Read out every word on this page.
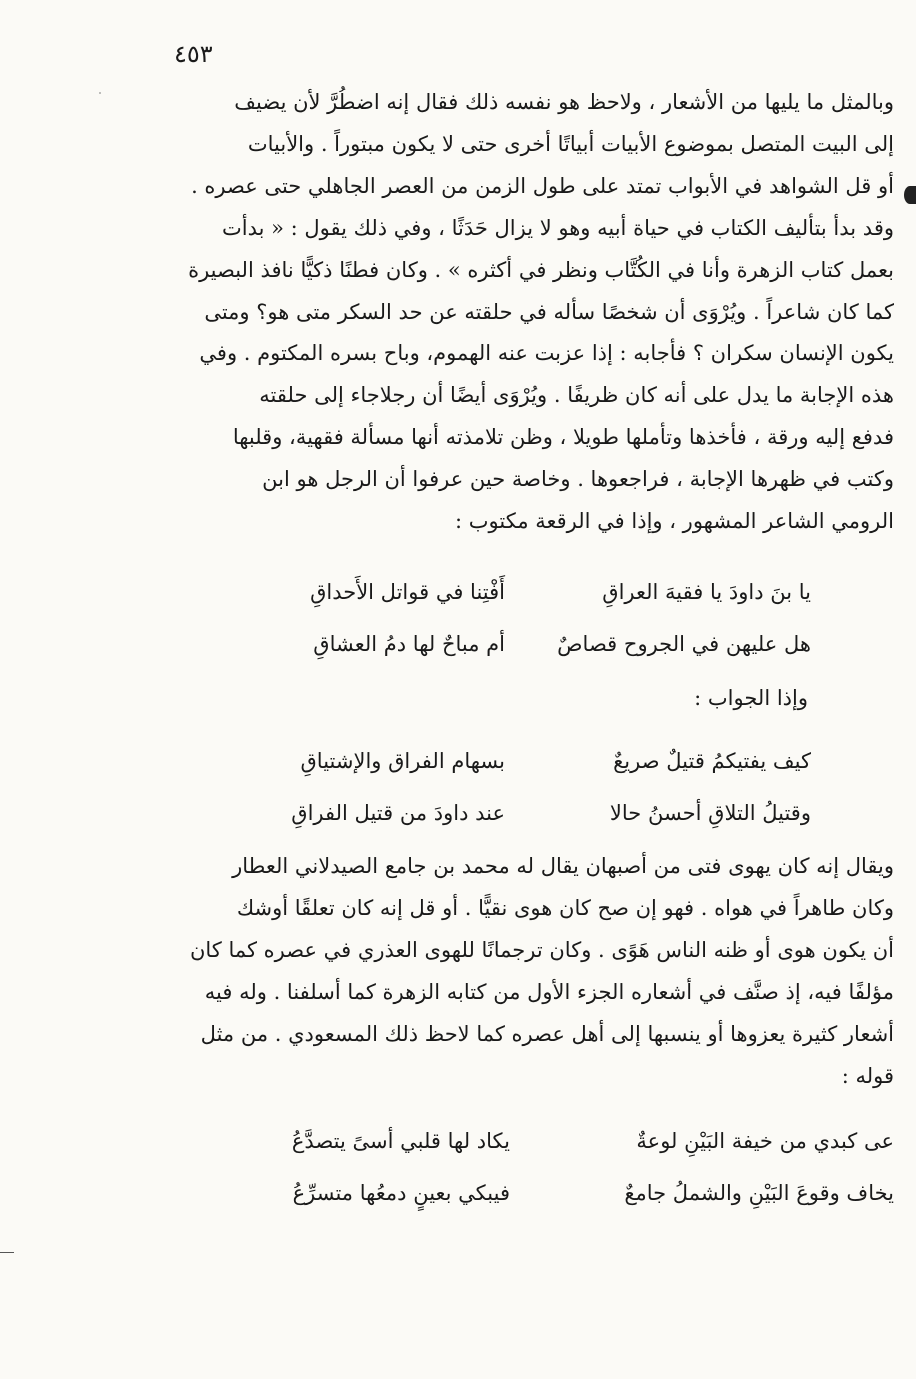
٤٥٣
وبالمثل ما يليها من الأشعار ، ولاحظ هو نفسه ذلك فقال إنه اضطُرَّ لأن يضيف
إلى البيت المتصل بموضوع الأبيات أبياتًا أخرى حتى لا يكون مبتوراً . والأبيات
أو قل الشواهد في الأبواب تمتد على طول الزمن من العصر الجاهلي حتى عصره .
وقد بدأ بتأليف الكتاب في حياة أبيه وهو لا يزال حَدَثًا ، وفي ذلك يقول : « بدأت
بعمل كتاب الزهرة وأنا في الكُتَّاب ونظر في أكثره » . وكان فطنًا ذكيًّا نافذ البصيرة
كما كان شاعراً . ويُرْوَى أن شخصًا سأله في حلقته عن حد السكر متى هو؟ ومتى
يكون الإنسان سكران ؟ فأجابه : إذا عزبت عنه الهموم، وباح بسره المكتوم . وفي
هذه الإجابة ما يدل على أنه كان ظريفًا . ويُرْوَى أيضًا أن رجلاجاء إلى حلقته
فدفع إليه ورقة ، فأخذها وتأملها طويلا ، وظن تلامذته أنها مسألة فقهية، وقلبها
وكتب في ظهرها الإجابة ، فراجعوها . وخاصة حين عرفوا أن الرجل هو ابن
الرومي الشاعر المشهور ، وإذا في الرقعة مكتوب :
يا بنَ داودَ يا فقيهَ العراقِ
أَفْتِنا في قواتل الأَحداقِ
هل عليهن في الجروح قصاصٌ
أم مباحٌ لها دمُ العشاقِ
وإذا الجواب :
كيف يفتيكمُ قتيلٌ صريعٌ
بسهام الفراق والإشتياقِ
وقتيلُ التلاقِ أحسنُ حالا
عند داودَ من قتيل الفراقِ
ويقال إنه كان يهوى فتى من أصبهان يقال له محمد بن جامع الصيدلاني العطار
وكان طاهراً في هواه . فهو إن صح كان هوى نقيًّا . أو قل إنه كان تعلقًا أوشك
أن يكون هوى أو ظنه الناس هَوًى . وكان ترجمانًا للهوى العذري في عصره كما كان
مؤلفًا فيه، إذ صنَّف في أشعاره الجزء الأول من كتابه الزهرة كما أسلفنا . وله فيه
أشعار كثيرة يعزوها أو ينسبها إلى أهل عصره كما لاحظ ذلك المسعودي . من مثل
قوله :
عى كبدي من خيفة البَيْنِ لوعةٌ
يكاد لها قلبي أسىً يتصدَّعُ
يخاف وقوعَ البَيْنِ والشملُ جامعٌ
فيبكي بعينٍ دمعُها متسرِّعُ
